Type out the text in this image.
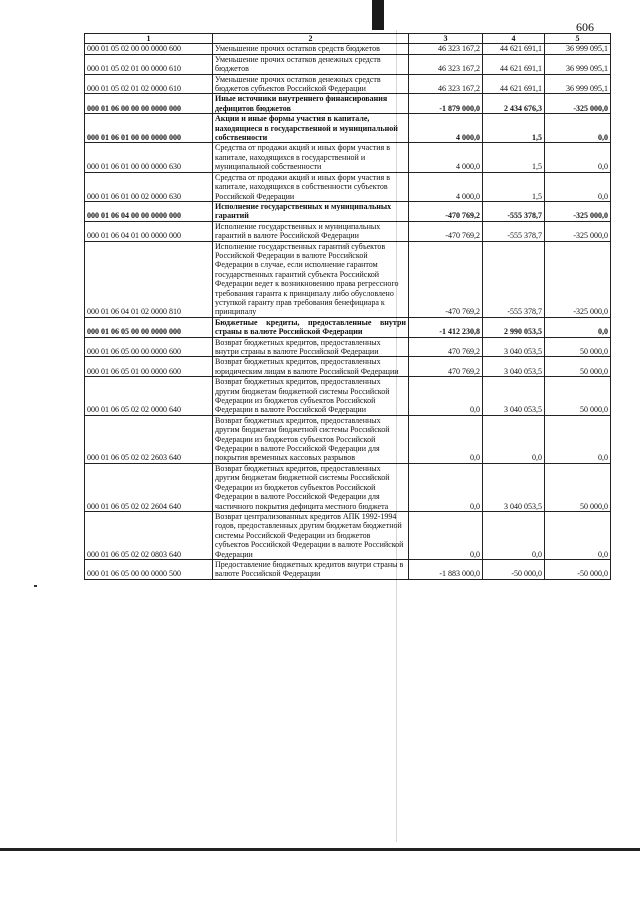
606
1	2	3	4	5
000 01 05 02 00 00 0000 600	Уменьшение прочих остатков средств бюджетов	46 323 167,2	44 621 691,1	36 999 095,1
000 01 05 02 01 00 0000 610	Уменьшение прочих остатков денежных средств бюджетов	46 323 167,2	44 621 691,1	36 999 095,1
000 01 05 02 01 02 0000 610	Уменьшение прочих остатков денежных средств бюджетов субъектов Российской Федерации	46 323 167,2	44 621 691,1	36 999 095,1
000 01 06 00 00 00 0000 000	Иные источники внутреннего финансирования дефицитов бюджетов	-1 879 000,0	2 434 676,3	-325 000,0
000 01 06 01 00 00 0000 000	Акции и иные формы участия в капитале, находящиеся в государственной и муниципальной собственности	4 000,0	1,5	0,0
000 01 06 01 00 00 0000 630	Средства от продажи акций и иных форм участия в капитале, находящихся в государственной и муниципальной собственности	4 000,0	1,5	0,0
000 01 06 01 00 02 0000 630	Средства от продажи акций и иных форм участия в капитале, находящихся в собственности субъектов Российской Федерации	4 000,0	1,5	0,0
000 01 06 04 00 00 0000 000	Исполнение государственных и муниципальных гарантий	-470 769,2	-555 378,7	-325 000,0
000 01 06 04 01 00 0000 000	Исполнение государственных и муниципальных гарантий в валюте Российской Федерации	-470 769,2	-555 378,7	-325 000,0
000 01 06 04 01 02 0000 810	Исполнение государственных гарантий субъектов Российской Федерации в валюте Российской Федерации в случае, если исполнение гарантом государственных гарантий субъекта Российской Федерации ведет к возникновению права регрессного требования гаранта к принципалу либо обусловлено уступкой гаранту прав требования бенефициара к принципалу	-470 769,2	-555 378,7	-325 000,0
000 01 06 05 00 00 0000 000	Бюджетные кредиты, предоставленные внутри страны в валюте Российской Федерации	-1 412 230,8	2 990 053,5	0,0
000 01 06 05 00 00 0000 600	Возврат бюджетных кредитов, предоставленных внутри страны в валюте Российской Федерации	470 769,2	3 040 053,5	50 000,0
000 01 06 05 01 00 0000 600	Возврат бюджетных кредитов, предоставленных юридическим лицам в валюте Российской Федерации	470 769,2	3 040 053,5	50 000,0
000 01 06 05 02 02 0000 640	Возврат бюджетных кредитов, предоставленных другим бюджетам бюджетной системы Российской Федерации из бюджетов субъектов Российской Федерации в валюте Российской Федерации	0,0	3 040 053,5	50 000,0
000 01 06 05 02 02 2603 640	Возврат бюджетных кредитов, предоставленных другим бюджетам бюджетной системы Российской Федерации из бюджетов субъектов Российской Федерации в валюте Российской Федерации для покрытия временных кассовых разрывов	0,0	0,0	0,0
000 01 06 05 02 02 2604 640	Возврат бюджетных кредитов, предоставленных другим бюджетам бюджетной системы Российской Федерации из бюджетов субъектов Российской Федерации в валюте Российской Федерации для частичного покрытия дефицита местного бюджета	0,0	3 040 053,5	50 000,0
000 01 06 05 02 02 0803 640	Возврат централизованных кредитов АПК 1992-1994 годов, предоставленных другим бюджетам бюджетной системы Российской Федерации из бюджетов субъектов Российской Федерации в валюте Российской Федерации	0,0	0,0	0,0
000 01 06 05 00 00 0000 500	Предоставление бюджетных кредитов внутри страны в валюте Российской Федерации	-1 883 000,0	-50 000,0	-50 000,0
